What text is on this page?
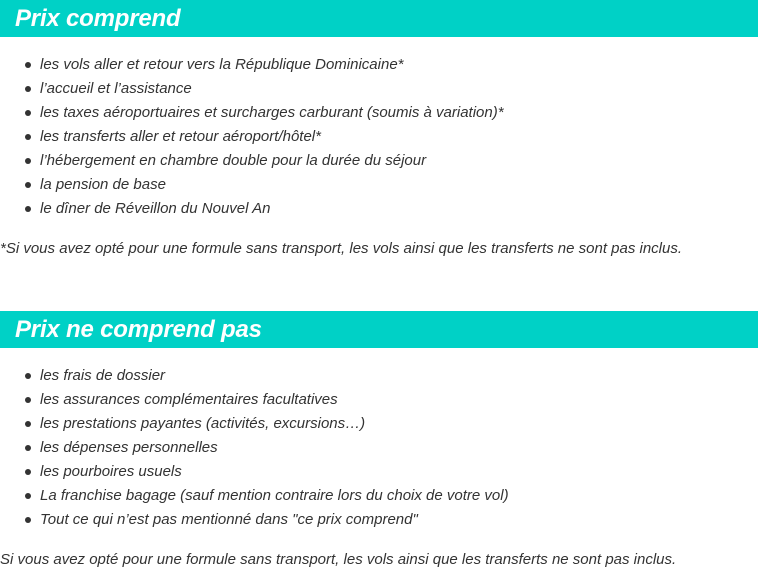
Prix comprend
les vols aller et retour vers la République Dominicaine*
l’accueil et l’assistance
les taxes aéroportuaires et surcharges carburant (soumis à variation)*
les transferts aller et retour aéroport/hôtel*
l’hébergement en chambre double pour la durée du séjour
la pension de base
le dîner de Réveillon du Nouvel An
*Si vous avez opté pour une formule sans transport, les vols ainsi que les transferts ne sont pas inclus.
Prix ne comprend pas
les frais de dossier
les assurances complémentaires facultatives
les prestations payantes (activités, excursions…)
les dépenses personnelles
les pourboires usuels
La franchise bagage (sauf mention contraire lors du choix de votre vol)
Tout ce qui n’est pas mentionné dans "ce prix comprend"
Si vous avez opté pour une formule sans transport, les vols ainsi que les transferts ne sont pas inclus.
